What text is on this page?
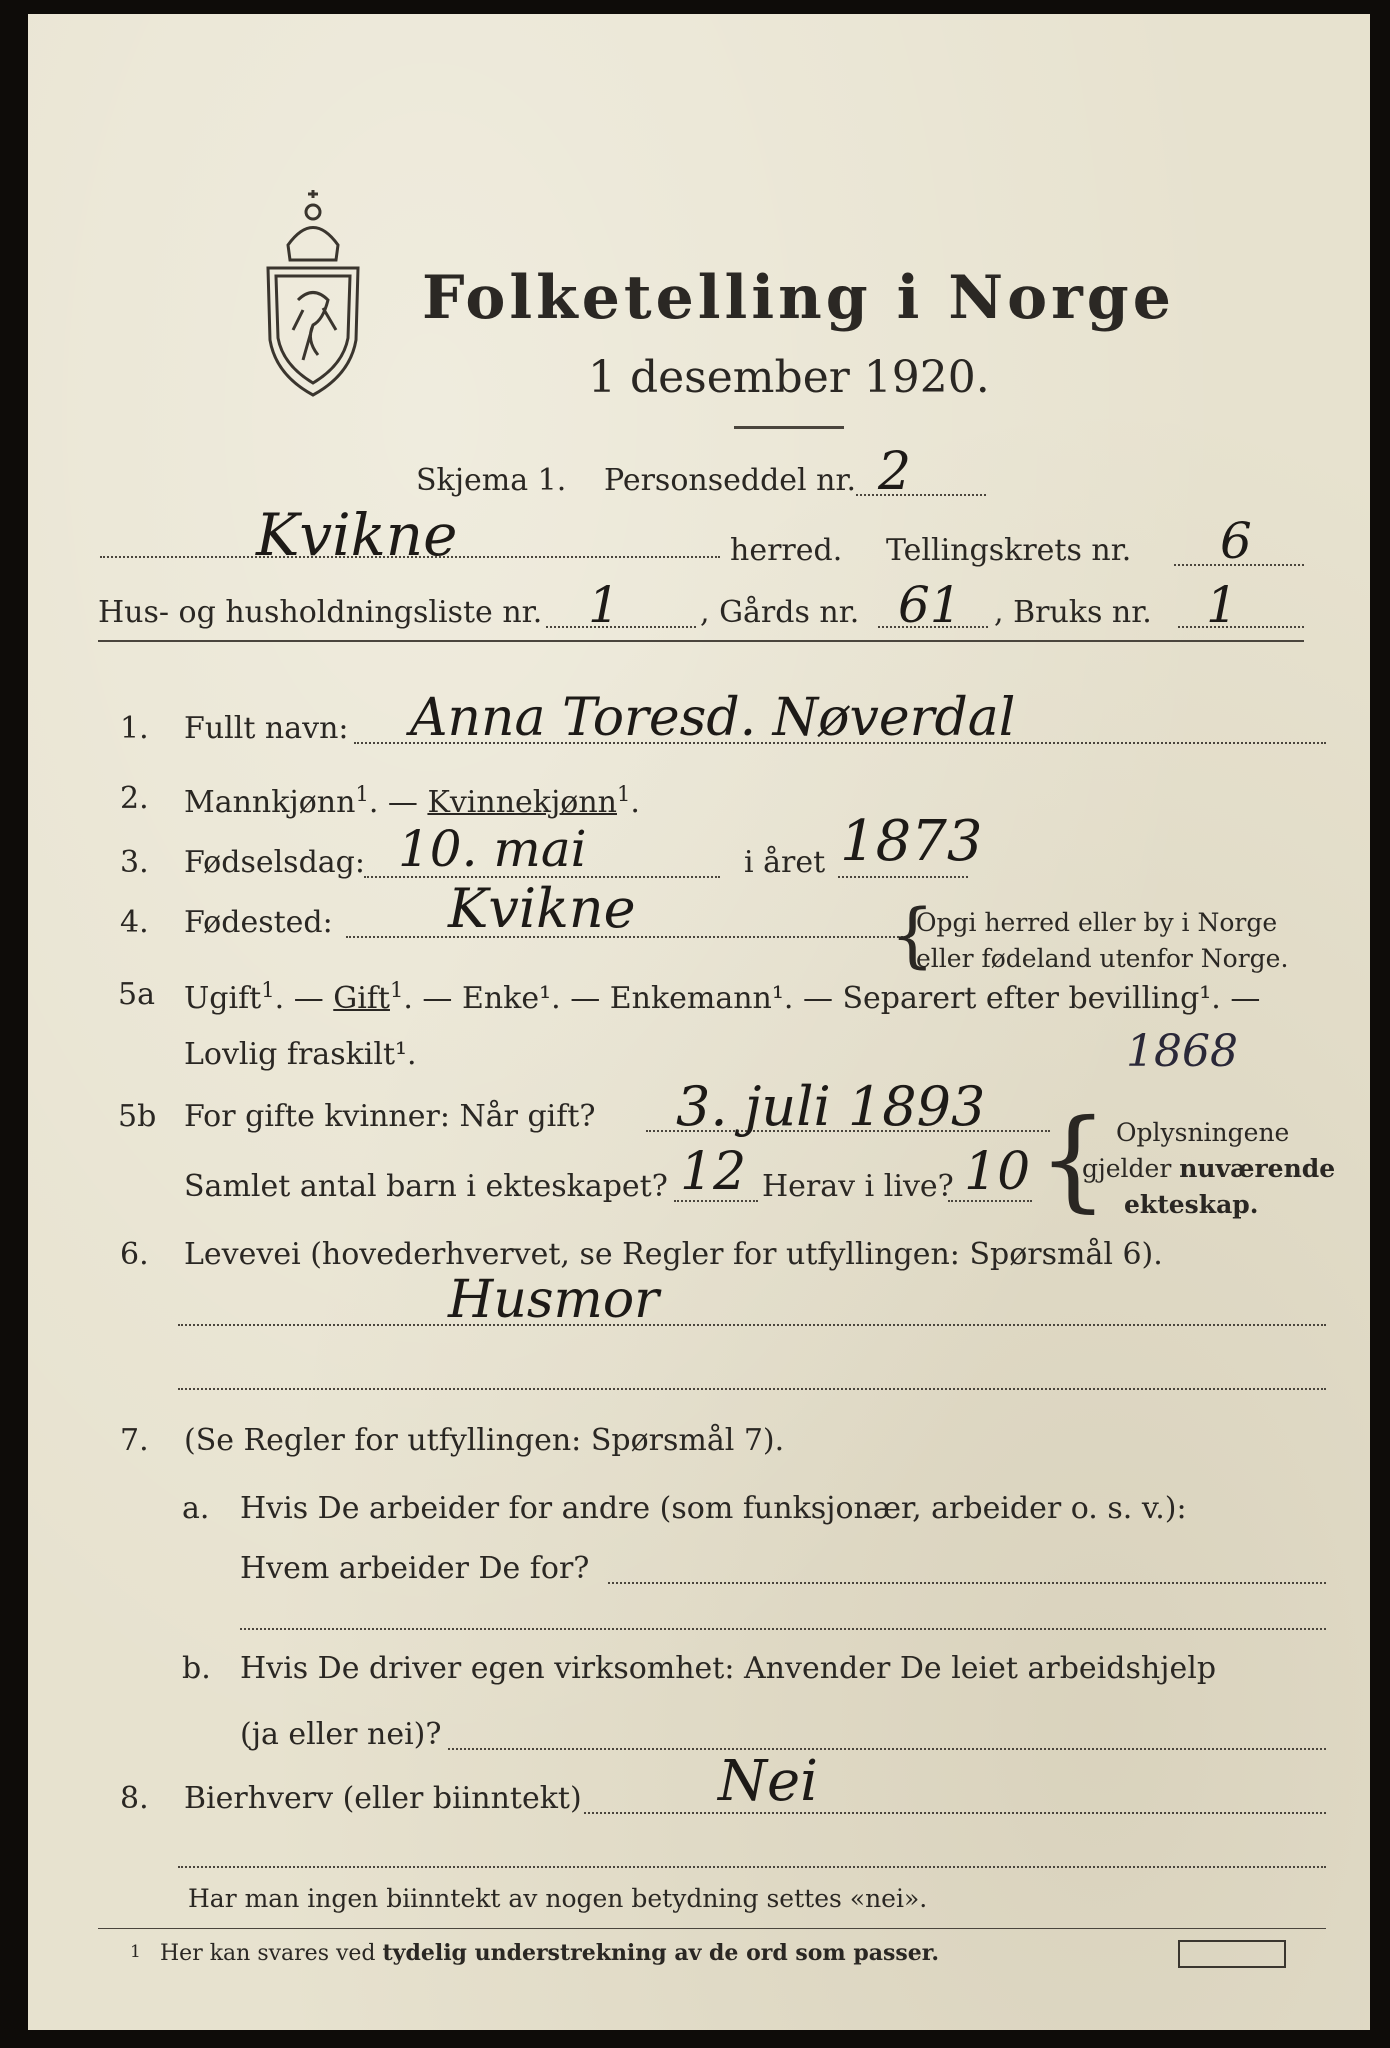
Folketelling i Norge
1 desember 1920.
Skjema 1. Personseddel nr. 2
Kvikne	herred. Tellingskrets nr. 6
Hus- og husholdningsliste nr. 1	, Gårds nr. 61 , Bruks nr. 1
1. Fullt navn: Anna Toresd. Nøverdal
2. Mannkjønn$^1$. — Kvinnekjønn$^1$.
3. Fødselsdag: 10. mai	i året 1873
4. Fødested: Kvikne	{
Opgi herred eller by i Norge
eller fødeland utenfor Norge.
5a Ugift$^1$. — Gift$^1$. — Enke¹. — Enkemann¹. — Separert efter bevilling¹. —
Lovlig fraskilt¹.	1868
5b For gifte kvinner: Når gift? 3. juli 1893
Samlet antal barn i ekteskapet? 12 Herav i live? 10 { Oplysningene
gjelder nuværende
ekteskap.
6. Levevei (hovederhvervet, se Regler for utfyllingen: Spørsmål 6).
Husmor
7. (Se Regler for utfyllingen: Spørsmål 7).
a. Hvis De arbeider for andre (som funksjonær, arbeider o. s. v.):
Hvem arbeider De for?
b. Hvis De driver egen virksomhet: Anvender De leiet arbeidshjelp
(ja eller nei)?
8. Bierhverv (eller biinntekt) Nei
Har man ingen biinntekt av nogen betydning settes «nei».
1 Her kan svares ved tydelig understrekning av de ord som passer.
